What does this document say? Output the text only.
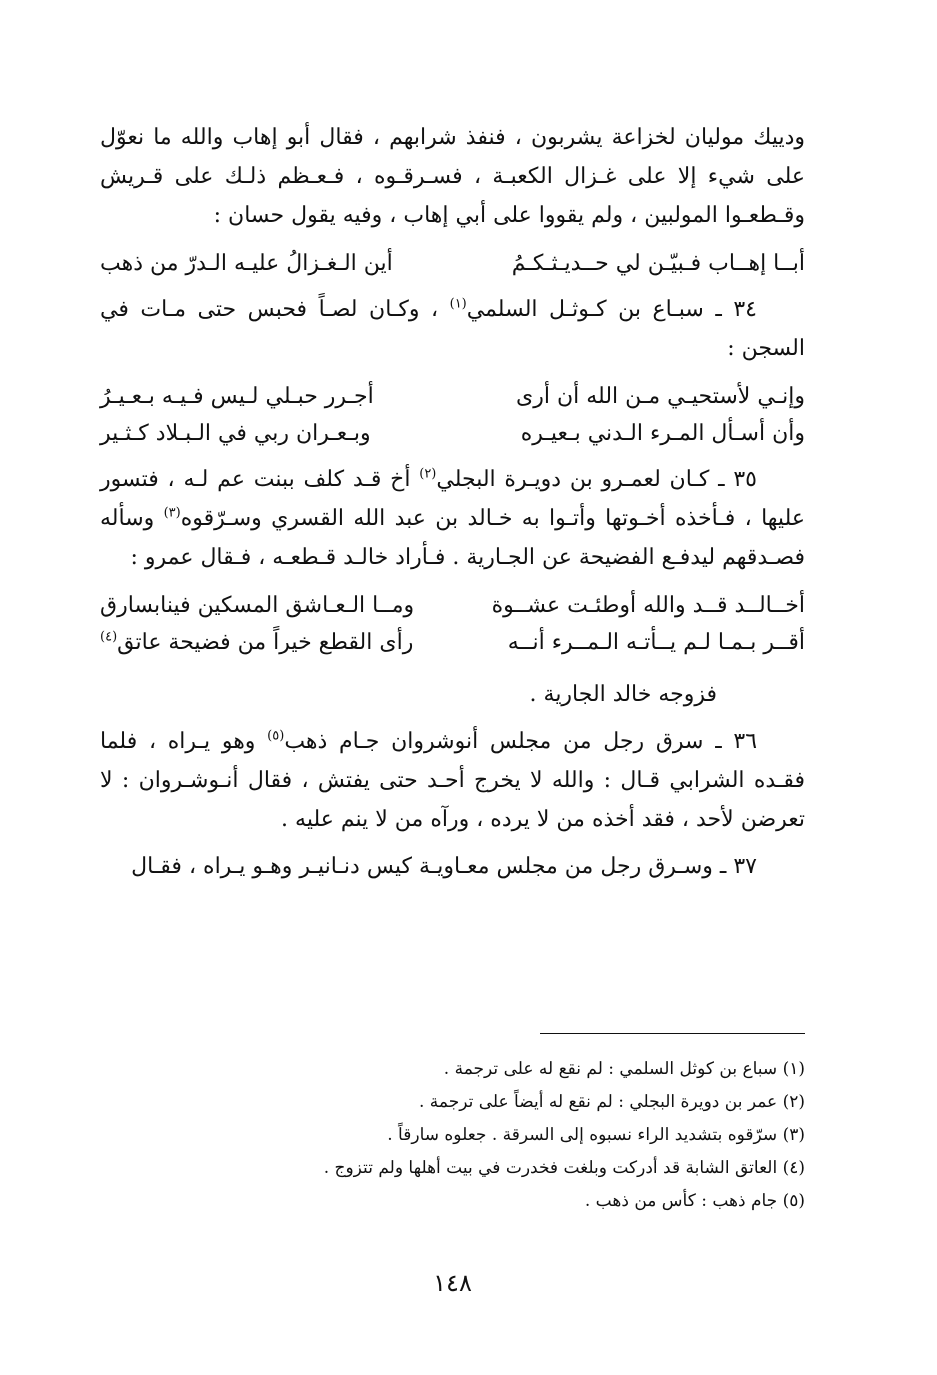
ودييك موليان لخزاعة يشربون ، فنفذ شرابهم ، فقال أبو إهاب والله ما نعوّل على شيء إلا على غـزال الكعبـة ، فسـرقـوه ، فـعـظم ذلـك على قـريش وقـطعـوا المولبين ، ولم يقووا على أبي إهاب ، وفيه يقول حسان :

أبــا إهــاب فـبيّـن لي حــديـثـكـمُ
أين الـغـزالُ عليـه الـدرّ من ذهب

٣٤ ـ سبـاع بن كـوثـل السلمي$^{(١)}$ ، وكـان لصـاً فحبس حتى مـات في السجن :

وإنـي لأستحيـي مـن الله أن أرى
أجـرر حبـلي لـيس فـيـه بـعـيـرُ
وأن أسـأل المـرء الـدني بـعيـره
وبـعـران ربي في الـبـلاد كـثـير

٣٥ ـ كـان لعمـرو بن دويـرة البجلي$^{(٢)}$ أخ قـد كلف ببنت عم لـه ، فتسور عليها ، فـأخذه أخـوتها وأتـوا به خـالد بن عبد الله القسري وسـرّقوه$^{(٣)}$ وسأله فصـدقهم ليدفـع الفضيحة عن الجـارية . فـأراد خالـد قـطعـه ، فـقال عمرو :

أخــالــد قــد والله أوطئـت عشــوة
ومــا الـعـاشق المسكين فينابسارق
أقــر بـمـا لـم يــأتـه الـمــرء أنــه
رأى القطع خيراً من فضيحة عاتق$^{(٤)}$
فزوجه خالد الجارية .

٣٦ ـ سرق رجل من مجلس أنوشروان جـام ذهب$^{(٥)}$ وهو يـراه ، فلما فقـده الشرابي قـال : والله لا يخرج أحـد حتى يفتش ، فقال أنـوشـروان : لا تعرضن لأحد ، فقد أخذه من لا يرده ، ورآه من لا ينم عليه .

٣٧ ـ وسـرق رجل من مجلس معـاويـة كيس دنـانيـر وهـو يـراه ، فقـال

(١) سباع بن كوثل السلمي : لم نقع له على ترجمة .

(٢) عمر بن دويرة البجلي : لم نقع له أيضاً على ترجمة .

(٣) سرّقوه بتشديد الراء نسبوه إلى السرقة . جعلوه سارقاً .

(٤) العاتق الشابة قد أدركت وبلغت فخدرت في بيت أهلها ولم تتزوج .

(٥) جام ذهب : كأس من ذهب .

١٤٨
